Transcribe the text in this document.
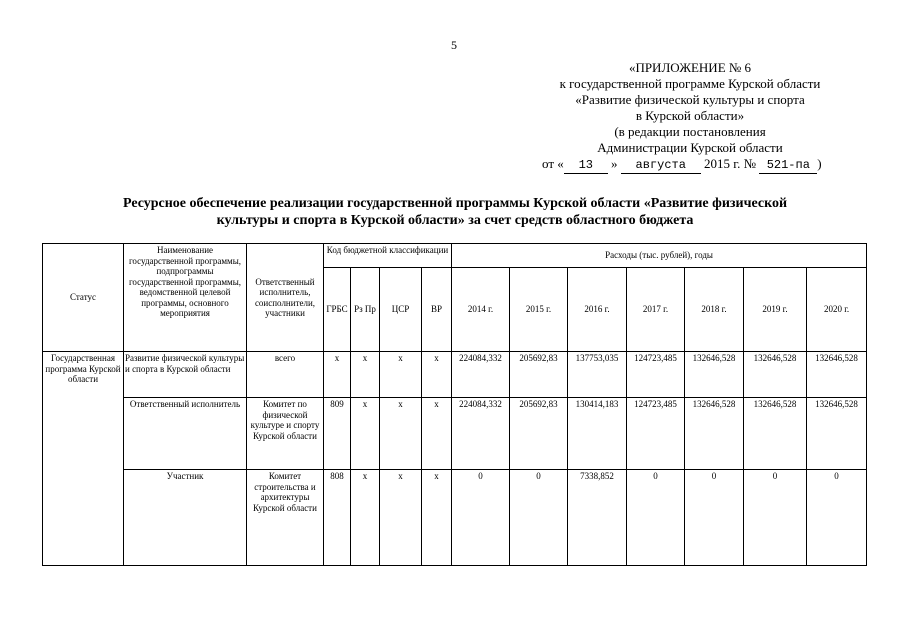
5
«ПРИЛОЖЕНИЕ № 6
к государственной программе Курской области
«Развитие физической культуры и спорта
в Курской области»
(в редакции постановления
Администрации Курской области
от « 13 » августа 2015 г. № 521-па )
Ресурсное обеспечение реализации государственной программы Курской области «Развитие физической
культуры и спорта в Курской области» за счет средств областного бюджета
Статус	Наименование государственной программы, подпрограммы государственной программы, ведомственной целевой программы, основного мероприятия	Ответственный исполнитель, соисполнители, участники	Код бюджетной классификации				Расходы (тыс. рублей), годы						
			ГРБС	Рз Пр	ЦСР	ВР	2014 г.	2015 г.	2016 г.	2017 г.	2018 г.	2019 г.	2020 г.
Государственная программа Курской области	Развитие физической культуры и спорта в Курской области	всего	х	х	х	х	224084,332	205692,83	137753,035	124723,485	132646,528	132646,528	132646,528
	Ответственный исполнитель	Комитет по физической культуре и спорту Курской области	809	х	х	х	224084,332	205692,83	130414,183	124723,485	132646,528	132646,528	132646,528
	Участник	Комитет строительства и архитектуры Курской области	808	х	х	х	0	0	7338,852	0	0	0	0
